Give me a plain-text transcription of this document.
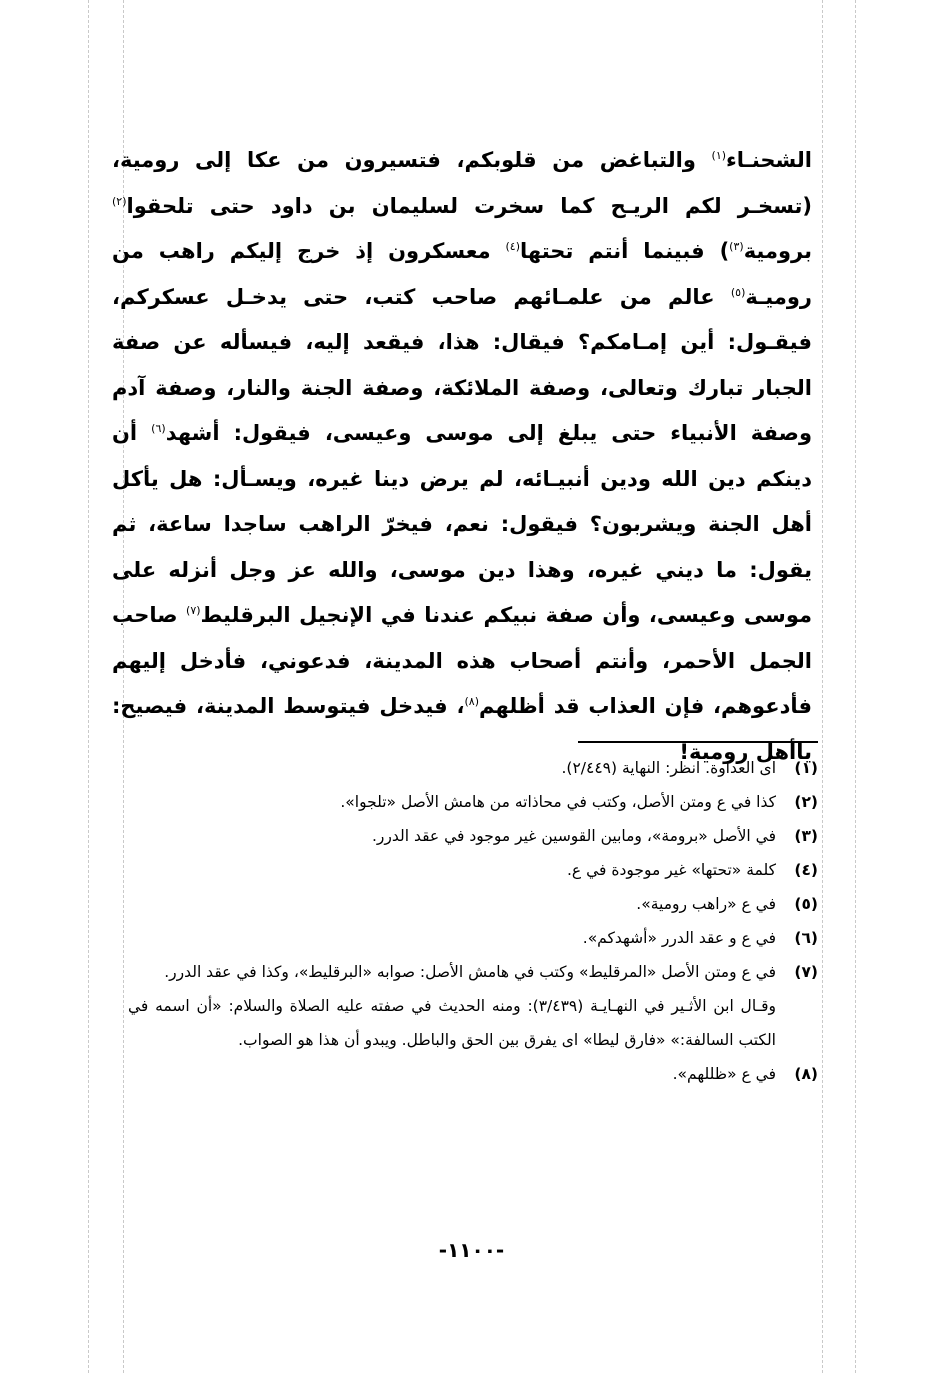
الشحنـاء$^{(١)}$ والتباغض من قلوبكم، فتسيرون من عكا إلى رومية، (تسخـر لكم الريـح كما سخرت لسليمان بن داود حتى تلحقوا$^{(٢)}$ برومية$^{(٣)}$) فبينما أنتم تحتها$^{(٤)}$ معسكرون إذ خرج إليكم راهب من روميـة$^{(٥)}$ عالم من علمـائهم صاحب كتب، حتى يدخـل عسكركم، فيقـول: أين إمـامكم؟ فيقال: هذا، فيقعد إليه، فيسأله عن صفة الجبار تبارك وتعالى، وصفة الملائكة، وصفة الجنة والنار، وصفة آدم وصفة الأنبياء حتى يبلغ إلى موسى وعيسى، فيقول: أشهد$^{(٦)}$ أن دينكم دين الله ودين أنبيـائه، لم يرض دينا غيره، ويسـأل: هل يأكل أهل الجنة ويشربون؟ فيقول: نعم، فيخرّ الراهب ساجدا ساعة، ثم يقول: ما ديني غيره، وهذا دين موسى، والله عز وجل أنزله على موسى وعيسى، وأن صفة نبيكم عندنا في الإنجيل البرقليط$^{(٧)}$ صاحب الجمل الأحمر، وأنتم أصحاب هذه المدينة، فدعوني، فأدخل إليهم فأدعوهم، فإن العذاب قد أظلهم$^{(٨)}$، فيدخل فيتوسط المدينة، فيصيح: ياأهل رومية!
(١)
اى العداوة. انظر: النهاية (٢/٤٤٩).
(٢)
كذا في ع ومتن الأصل، وكتب في محاذاته من هامش الأصل «تلجوا».
(٣)
في الأصل «برومة»، ومابين القوسين غير موجود في عقد الدرر.
(٤)
كلمة «تحتها» غير موجودة في ع.
(٥)
في ع «راهب رومية».
(٦)
في ع و عقد الدرر «أشهدكم».
(٧)
في ع ومتن الأصل «المرقليط» وكتب في هامش الأصل: صوابه «البرقليط»، وكذا في عقد الدرر.
وقـال ابن الأثـير في النهـايـة (٣/٤٣٩): ومنه الحديث في صفته عليه الصلاة والسلام: «أن اسمه في الكتب السالفة:» «فارق ليطا» اى يفرق بين الحق والباطل. ويبدو أن هذا هو الصواب.
(٨)
في ع «ظللهم».
-١١٠٠-
